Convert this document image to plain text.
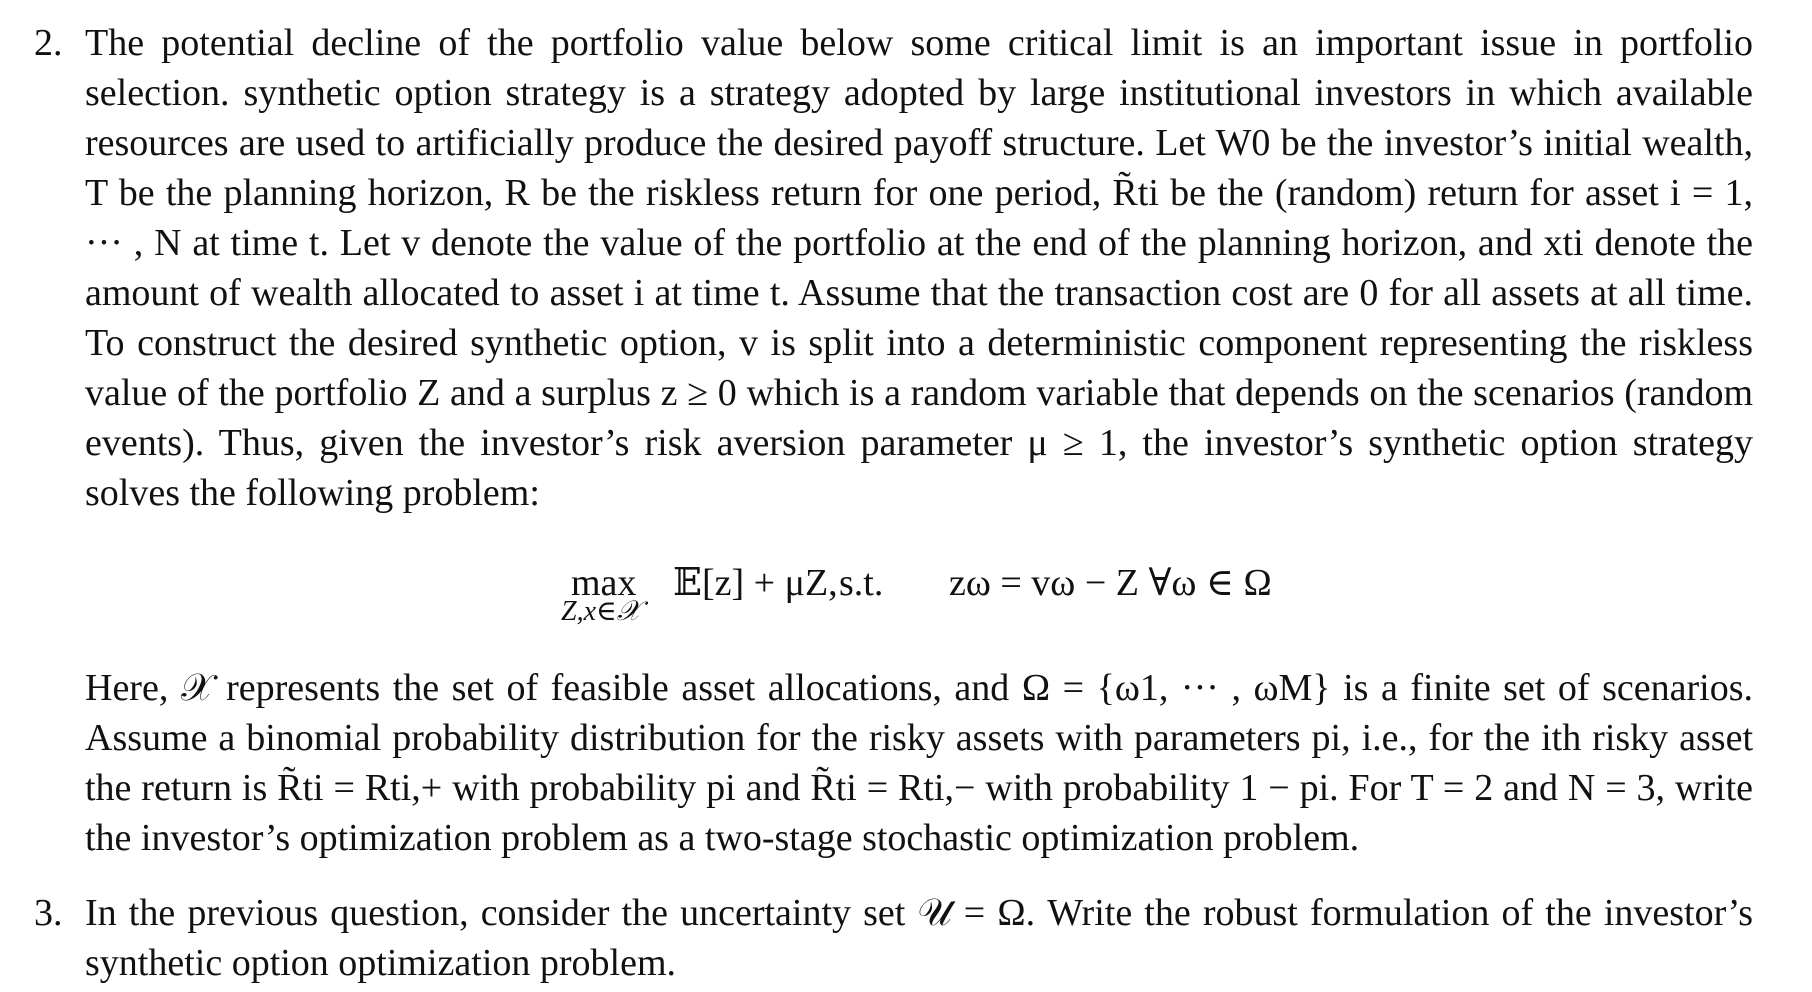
2. The potential decline of the portfolio value below some critical limit is an important issue in portfolio selection. synthetic option strategy is a strategy adopted by large institutional investors in which available resources are used to artificially produce the desired payoff structure. Let W0 be the investor’s initial wealth, T be the planning horizon, R be the riskless return for one period, R̃ti be the (random) return for asset i = 1, ··· , N at time t. Let v denote the value of the portfolio at the end of the planning horizon, and xti denote the amount of wealth allocated to asset i at time t. Assume that the transaction cost are 0 for all assets at all time. To construct the desired synthetic option, v is split into a deterministic component representing the riskless value of the portfolio Z and a surplus z ≥ 0 which is a random variable that depends on the scenarios (random events). Thus, given the investor’s risk aversion parameter μ ≥ 1, the investor’s synthetic option strategy solves the following problem:

max
Z,x∈𝒳
𝔼[z] + μZ, s.t. zω = vω − Z ∀ω ∈ Ω

Here, 𝒳 represents the set of feasible asset allocations, and Ω = {ω1, ··· , ωM} is a finite set of scenarios. Assume a binomial probability distribution for the risky assets with parameters pi, i.e., for the ith risky asset the return is R̃ti = Rti,+ with probability pi and R̃ti = Rti,− with probability 1 − pi. For T = 2 and N = 3, write the investor’s optimization problem as a two-stage stochastic optimization problem.

3. In the previous question, consider the uncertainty set 𝒰 = Ω. Write the robust formulation of the investor’s synthetic option optimization problem.
